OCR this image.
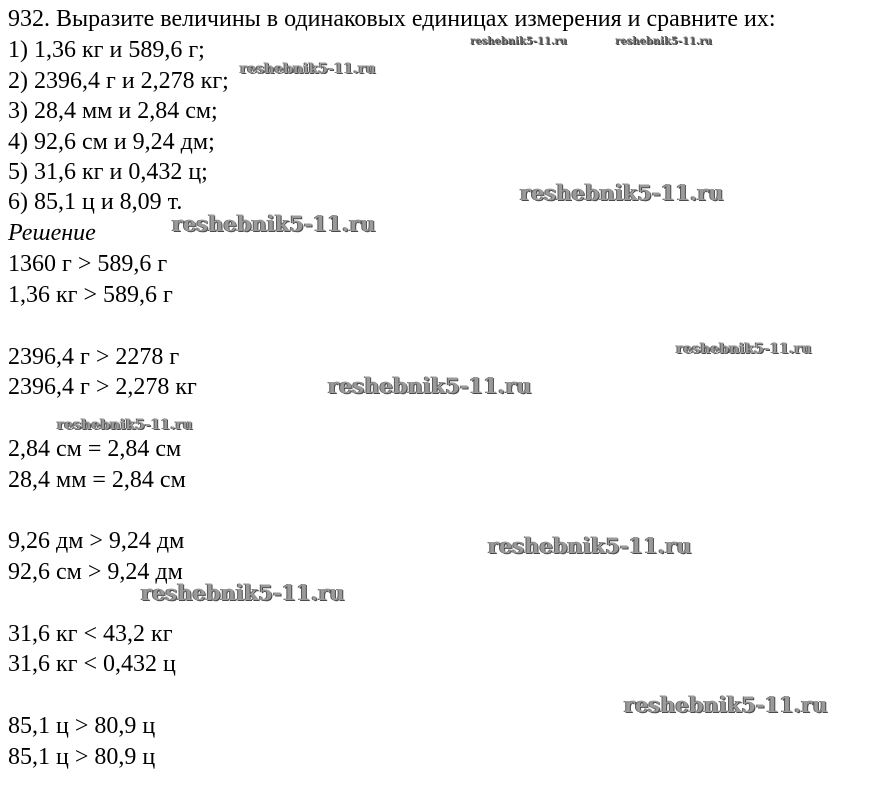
932. Выразите величины в одинаковых единицах измерения и сравните их:
1) 1,36 кг и 589,6 г;
2) 2396,4 г и 2,278 кг;
3) 28,4 мм и 2,84 см;
4) 92,6 см и 9,24 дм;
5) 31,6 кг и 0,432 ц;
6) 85,1 ц и 8,09 т.
Решение
1360 г > 589,6 г
1,36 кг > 589,6 г
2396,4 г > 2278 г
2396,4 г > 2,278 кг
2,84 см = 2,84 см
28,4 мм = 2,84 см
9,26 дм > 9,24 дм
92,6 см > 9,24 дм
31,6 кг < 43,2 кг
31,6 кг < 0,432 ц
85,1 ц > 80,9 ц
85,1 ц > 80,9 ц
reshebnik5-11.ru	reshebnik5-11.ru
reshebnik5-11.ru
reshebnik5-11.ru
reshebnik5-11.ru
reshebnik5-11.ru
reshebnik5-11.ru
reshebnik5-11.ru
reshebnik5-11.ru
reshebnik5-11.ru
reshebnik5-11.ru
